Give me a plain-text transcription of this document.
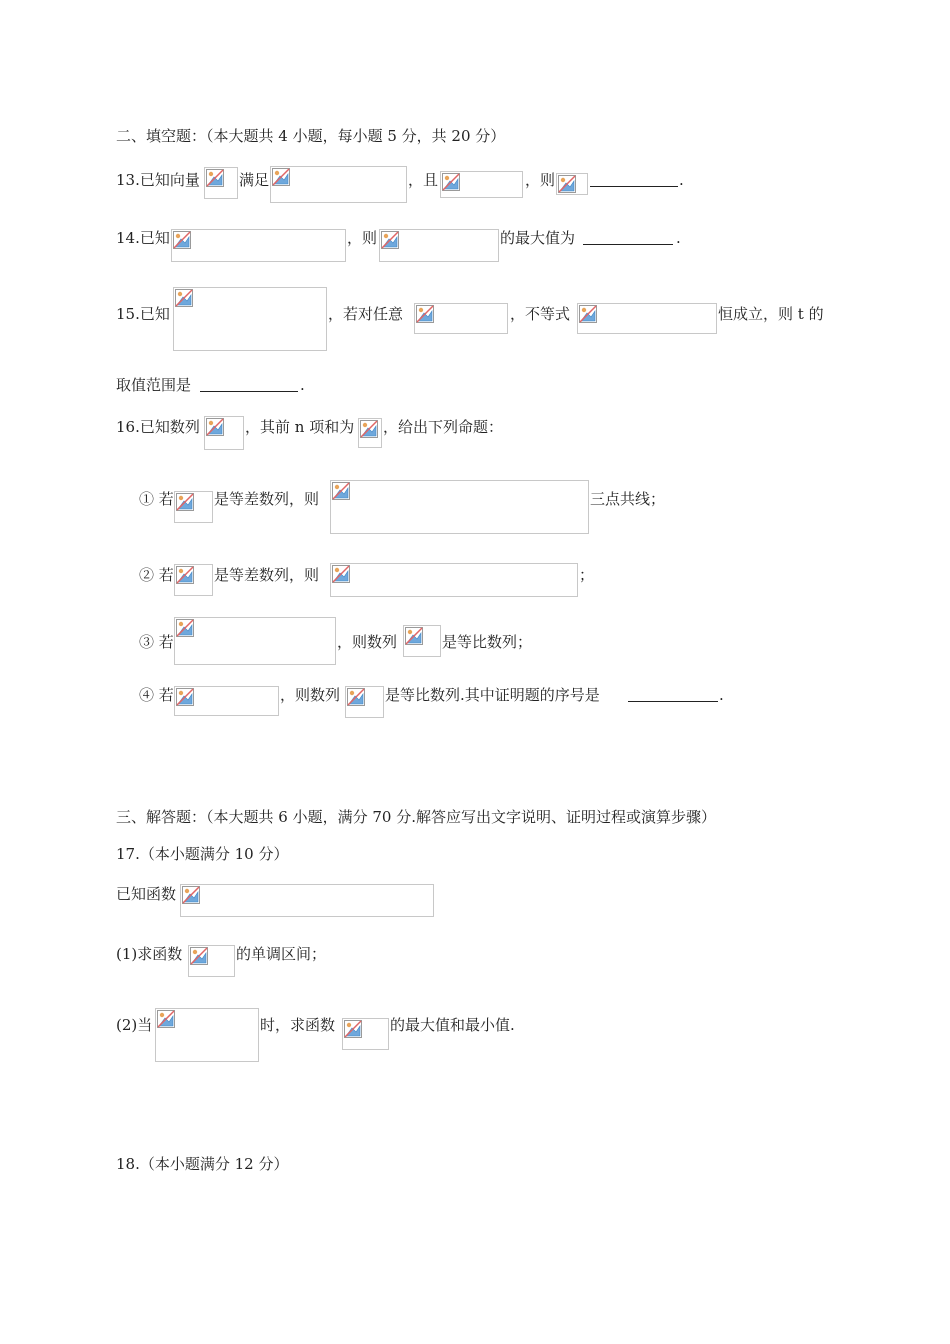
二、填空题：（本大题共 4 小题，每小题 5 分，共 20 分）
13.已知向量	满足	，且	，则	.
14.已知	，则	的最大值为	.
15.已知	，若对任意	，不等式	恒成立，则 t 的
取值范围是	.
16.已知数列	，其前 n 项和为 ，给出下列命题：
① 若	是等差数列，则	三点共线；
② 若	是等差数列，则	；
③ 若	，则数列	是等比数列；
④ 若	，则数列	是等比数列.其中证明题的序号是	.
三、解答题：（本大题共 6 小题，满分 70 分.解答应写出文字说明、证明过程或演算步骤）
17.（本小题满分 10 分）
已知函数
(1)求函数	的单调区间；
(2)当	时，求函数	的最大值和最小值.
18.（本小题满分 12 分）
